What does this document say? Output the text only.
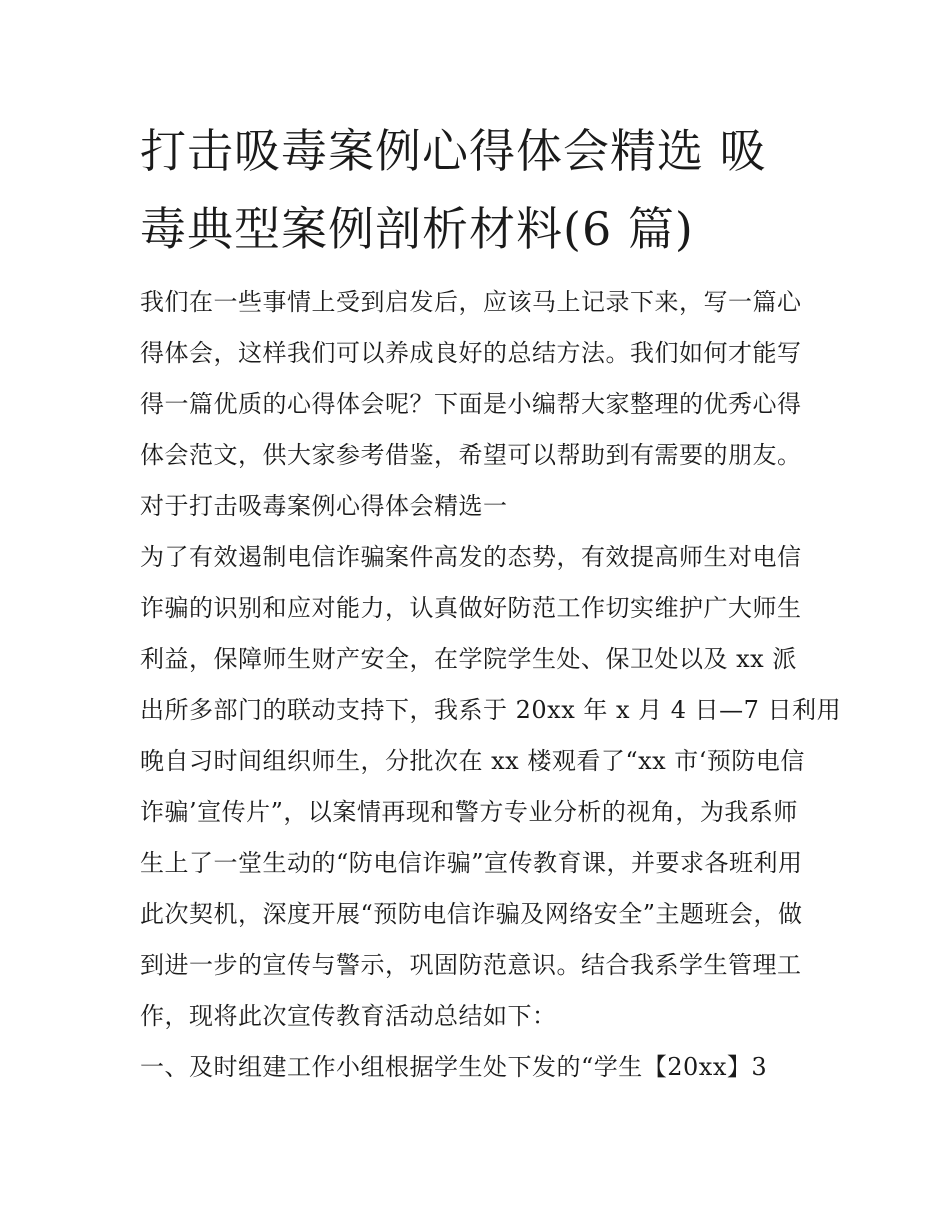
打击吸毒案例心得体会精选 吸
毒典型案例剖析材料(6 篇)
我们在一些事情上受到启发后，应该马上记录下来，写一篇心
得体会，这样我们可以养成良好的总结方法。我们如何才能写
得一篇优质的心得体会呢？下面是小编帮大家整理的优秀心得
体会范文，供大家参考借鉴，希望可以帮助到有需要的朋友。
对于打击吸毒案例心得体会精选一
为了有效遏制电信诈骗案件高发的态势，有效提高师生对电信
诈骗的识别和应对能力，认真做好防范工作切实维护广大师生
利益，保障师生财产安全，在学院学生处、保卫处以及 xx 派
出所多部门的联动支持下，我系于 20xx 年 x 月 4 日—7 日利用
晚自习时间组织师生，分批次在 xx 楼观看了“xx 市‘预防电信
诈骗’宣传片”，以案情再现和警方专业分析的视角，为我系师
生上了一堂生动的“防电信诈骗”宣传教育课，并要求各班利用
此次契机，深度开展“预防电信诈骗及网络安全”主题班会，做
到进一步的宣传与警示，巩固防范意识。结合我系学生管理工
作，现将此次宣传教育活动总结如下：
一、及时组建工作小组根据学生处下发的“学生【20xx】3
